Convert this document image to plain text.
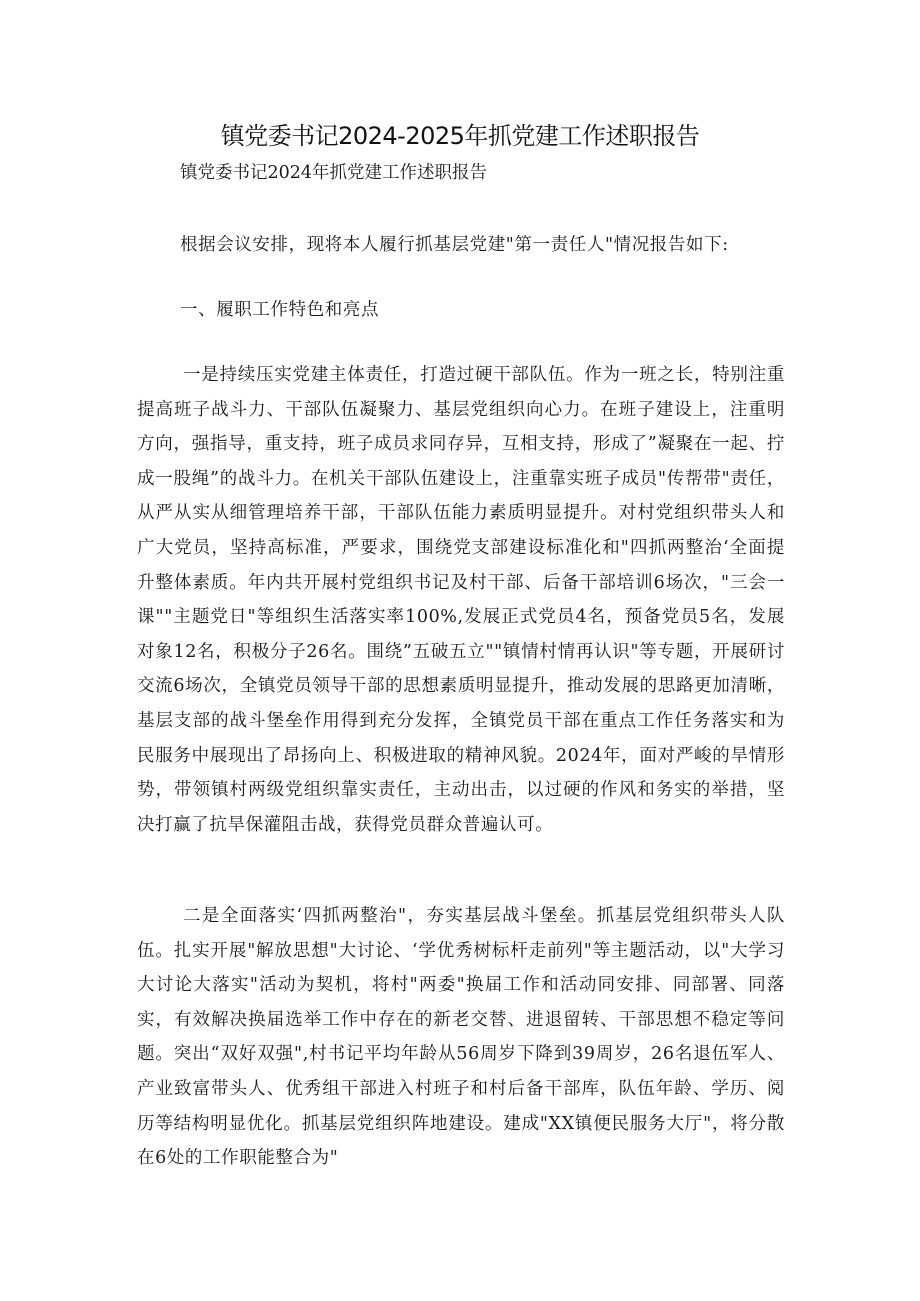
镇党委书记2024-2025年抓党建工作述职报告

镇党委书记2024年抓党建工作述职报告

根据会议安排，现将本人履行抓基层党建"第一责任人"情况报告如下:

一、履职工作特色和亮点

一是持续压实党建主体责任，打造过硬干部队伍。作为一班之长，特别注重提高班子战斗力、干部队伍凝聚力、基层党组织向心力。在班子建设上，注重明方向，强指导，重支持，班子成员求同存异，互相支持，形成了”凝聚在一起、拧成一股绳”的战斗力。在机关干部队伍建设上，注重靠实班子成员"传帮带"责任，从严从实从细管理培养干部，干部队伍能力素质明显提升。对村党组织带头人和广大党员，坚持高标准，严要求，围绕党支部建设标准化和"四抓两整治‘全面提升整体素质。年内共开展村党组织书记及村干部、后备干部培训6场次，"三会一课""主题党日"等组织生活落实率100%,发展正式党员4名，预备党员5名，发展对象12名，积极分子26名。围绕”五破五立""镇情村情再认识"等专题，开展研讨交流6场次，全镇党员领导干部的思想素质明显提升，推动发展的思路更加清晰，基层支部的战斗堡垒作用得到充分发挥，全镇党员干部在重点工作任务落实和为民服务中展现出了昂扬向上、积极进取的精神风貌。2024年，面对严峻的旱情形势，带领镇村两级党组织靠实责任，主动出击，以过硬的作风和务实的举措，坚决打赢了抗旱保灌阻击战，获得党员群众普遍认可。

二是全面落实‘四抓两整治"，夯实基层战斗堡垒。抓基层党组织带头人队伍。扎实开展"解放思想"大讨论、‘学优秀树标杆走前列"等主题活动，以"大学习大讨论大落实"活动为契机，将村"两委"换届工作和活动同安排、同部署、同落实，有效解决换届选举工作中存在的新老交替、进退留转、干部思想不稳定等问题。突出“双好双强",村书记平均年龄从56周岁下降到39周岁，26名退伍军人、产业致富带头人、优秀组干部进入村班子和村后备干部库，队伍年龄、学历、阅历等结构明显优化。抓基层党组织阵地建设。建成"XX镇便民服务大厅"，将分散在6处的工作职能整合为"
